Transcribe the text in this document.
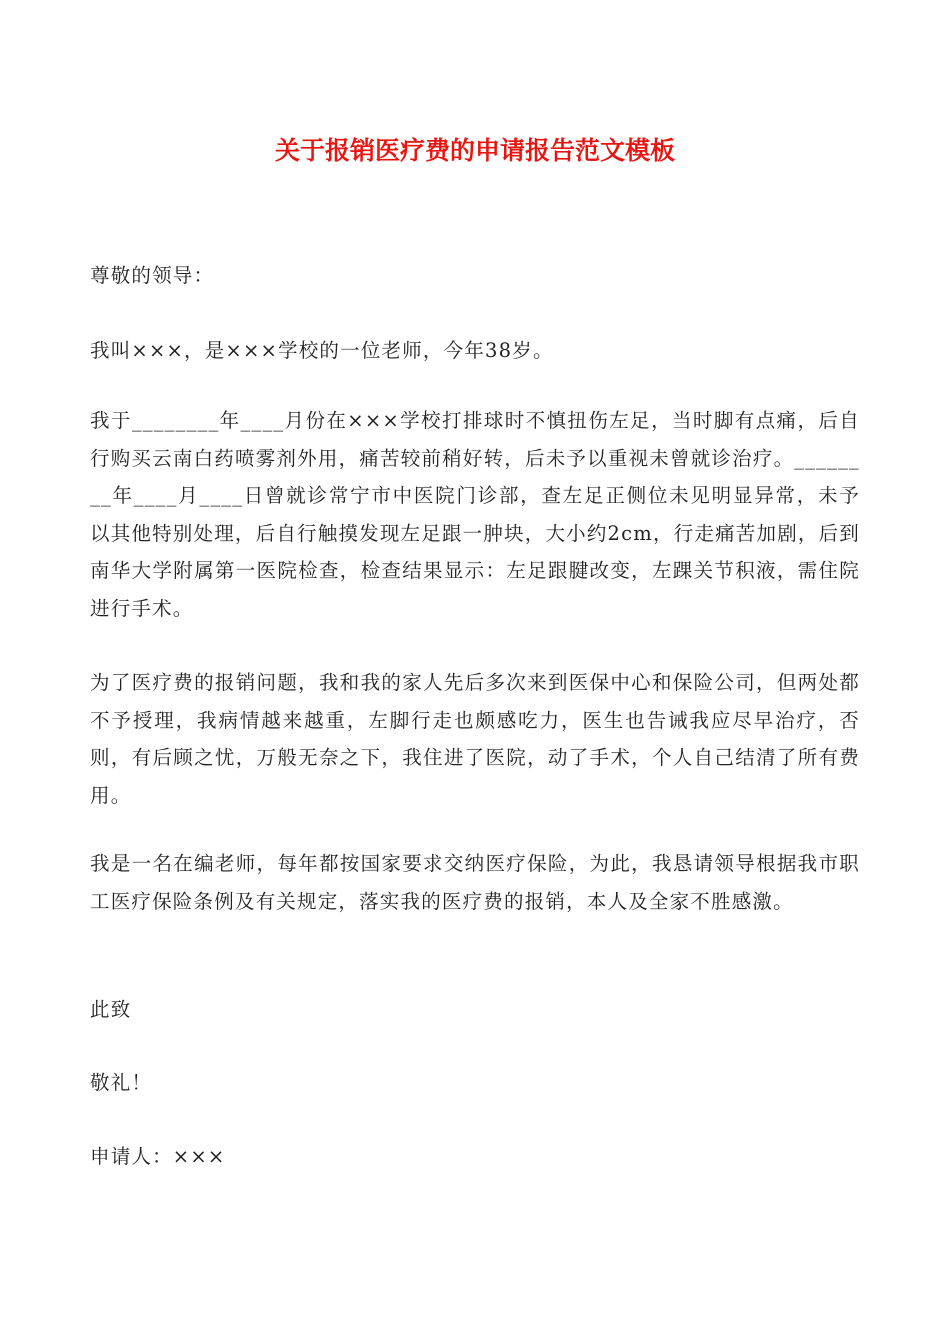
关于报销医疗费的申请报告范文模板

尊敬的领导：

我叫×××，是×××学校的一位老师，今年38岁。

我于________年____月份在×××学校打排球时不慎扭伤左足，当时脚有点痛，后自行购买云南白药喷雾剂外用，痛苦较前稍好转，后未予以重视未曾就诊治疗。________年____月____日曾就诊常宁市中医院门诊部，查左足正侧位未见明显异常，未予以其他特别处理，后自行触摸发现左足跟一肿块，大小约2cm，行走痛苦加剧，后到南华大学附属第一医院检查，检查结果显示：左足跟腱改变，左踝关节积液，需住院进行手术。

为了医疗费的报销问题，我和我的家人先后多次来到医保中心和保险公司，但两处都不予授理，我病情越来越重，左脚行走也颇感吃力，医生也告诫我应尽早治疗，否则，有后顾之忧，万般无奈之下，我住进了医院，动了手术，个人自己结清了所有费用。

我是一名在编老师，每年都按国家要求交纳医疗保险，为此，我恳请领导根据我市职工医疗保险条例及有关规定，落实我的医疗费的报销，本人及全家不胜感激。

此致

敬礼！

申请人：×××
